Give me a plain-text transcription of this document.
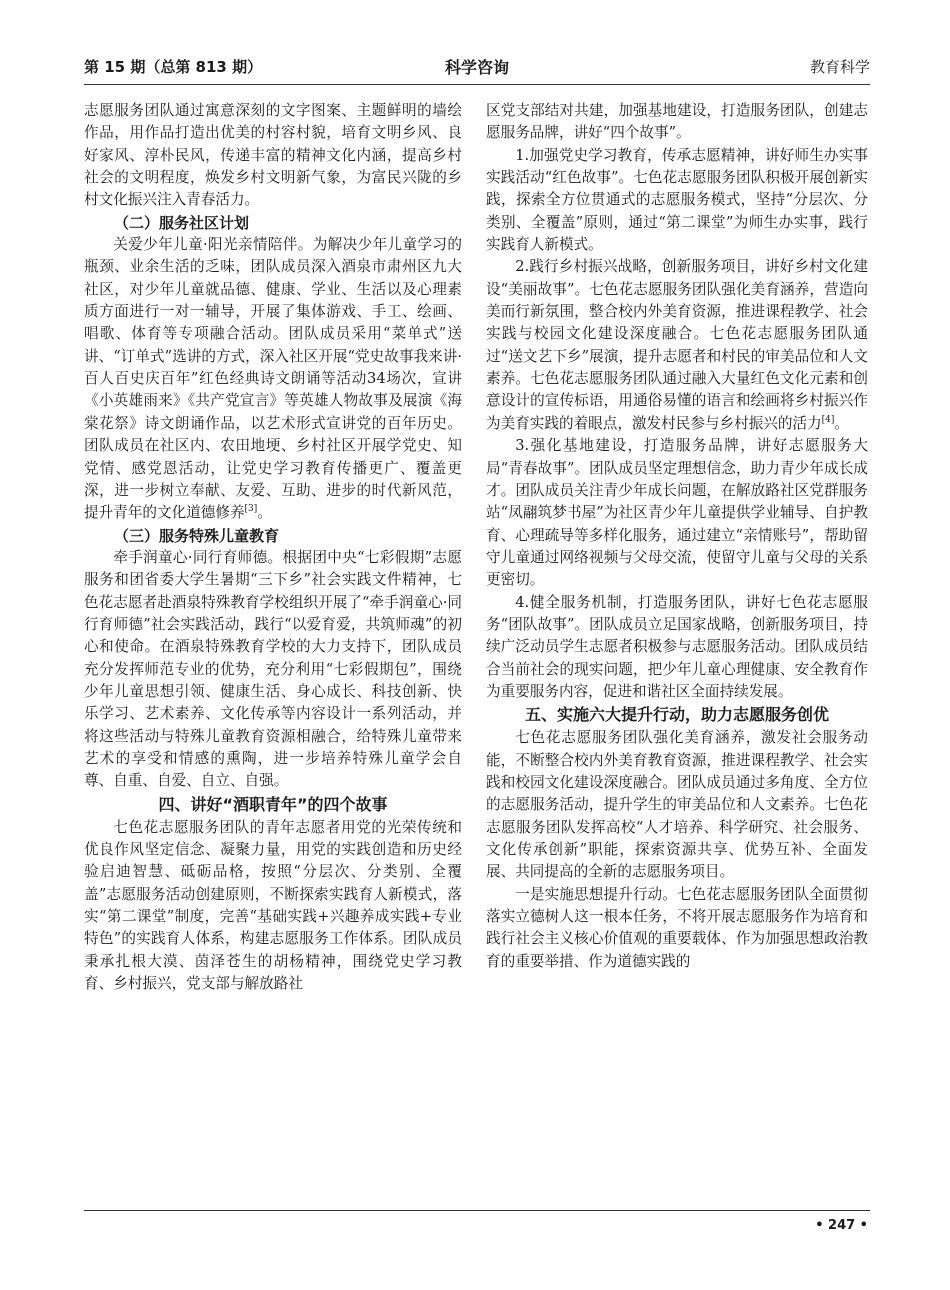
第 15 期（总第 813 期）	科学咨询	教育科学

志愿服务团队通过寓意深刻的文字图案、主题鲜明的墙绘作品，用作品打造出优美的村容村貌，培育文明乡风、良好家风、淳朴民风，传递丰富的精神文化内涵，提高乡村社会的文明程度，焕发乡村文明新气象，为富民兴陇的乡村文化振兴注入青春活力。

（二）服务社区计划

关爱少年儿童·阳光亲情陪伴。为解决少年儿童学习的瓶颈、业余生活的乏味，团队成员深入酒泉市肃州区九大社区，对少年儿童就品德、健康、学业、生活以及心理素质方面进行一对一辅导，开展了集体游戏、手工、绘画、唱歌、体育等专项融合活动。团队成员采用“菜单式”送讲、“订单式”选讲的方式，深入社区开展“党史故事我来讲·百人百史庆百年”红色经典诗文朗诵等活动34场次，宣讲《小英雄雨来》《共产党宣言》等英雄人物故事及展演《海棠花祭》诗文朗诵作品，以艺术形式宣讲党的百年历史。团队成员在社区内、农田地埂、乡村社区开展学党史、知党情、感党恩活动，让党史学习教育传播更广、覆盖更深，进一步树立奉献、友爱、互助、进步的时代新风范，提升青年的文化道德修养[3]。

（三）服务特殊儿童教育

牵手润童心·同行育师德。根据团中央“七彩假期”志愿服务和团省委大学生暑期“三下乡”社会实践文件精神，七色花志愿者赴酒泉特殊教育学校组织开展了“牵手润童心·同行育师德”社会实践活动，践行“以爱育爱，共筑师魂”的初心和使命。在酒泉特殊教育学校的大力支持下，团队成员充分发挥师范专业的优势，充分利用“七彩假期包”，围绕少年儿童思想引领、健康生活、身心成长、科技创新、快乐学习、艺术素养、文化传承等内容设计一系列活动，并将这些活动与特殊儿童教育资源相融合，给特殊儿童带来艺术的享受和情感的熏陶，进一步培养特殊儿童学会自尊、自重、自爱、自立、自强。

四、讲好“酒职青年”的四个故事

七色花志愿服务团队的青年志愿者用党的光荣传统和优良作风坚定信念、凝聚力量，用党的实践创造和历史经验启迪智慧、砥砺品格，按照“分层次、分类别、全覆盖”志愿服务活动创建原则，不断探索实践育人新模式，落实“第二课堂”制度，完善“基础实践+兴趣养成实践+专业特色”的实践育人体系，构建志愿服务工作体系。团队成员秉承扎根大漠、茵泽苍生的胡杨精神，围绕党史学习教育、乡村振兴，党支部与解放路社

区党支部结对共建，加强基地建设，打造服务团队，创建志愿服务品牌，讲好“四个故事”。

1.加强党史学习教育，传承志愿精神，讲好师生办实事实践活动“红色故事”。七色花志愿服务团队积极开展创新实践，探索全方位贯通式的志愿服务模式，坚持“分层次、分类别、全覆盖”原则，通过“第二课堂”为师生办实事，践行实践育人新模式。

2.践行乡村振兴战略，创新服务项目，讲好乡村文化建设“美丽故事”。七色花志愿服务团队强化美育涵养，营造向美而行新氛围，整合校内外美育资源，推进课程教学、社会实践与校园文化建设深度融合。七色花志愿服务团队通过“送文艺下乡”展演，提升志愿者和村民的审美品位和人文素养。七色花志愿服务团队通过融入大量红色文化元素和创意设计的宣传标语，用通俗易懂的语言和绘画将乡村振兴作为美育实践的着眼点，激发村民参与乡村振兴的活力[4]。

3.强化基地建设，打造服务品牌，讲好志愿服务大局“青春故事”。团队成员坚定理想信念，助力青少年成长成才。团队成员关注青少年成长问题，在解放路社区党群服务站“凤翮筑梦书屋”为社区青少年儿童提供学业辅导、自护教育、心理疏导等多样化服务，通过建立“亲情账号”，帮助留守儿童通过网络视频与父母交流，使留守儿童与父母的关系更密切。

4.健全服务机制，打造服务团队，讲好七色花志愿服务“团队故事”。团队成员立足国家战略，创新服务项目，持续广泛动员学生志愿者积极参与志愿服务活动。团队成员结合当前社会的现实问题，把少年儿童心理健康、安全教育作为重要服务内容，促进和谐社区全面持续发展。

五、实施六大提升行动，助力志愿服务创优

七色花志愿服务团队强化美育涵养，激发社会服务动能，不断整合校内外美育教育资源，推进课程教学、社会实践和校园文化建设深度融合。团队成员通过多角度、全方位的志愿服务活动，提升学生的审美品位和人文素养。七色花志愿服务团队发挥高校“人才培养、科学研究、社会服务、文化传承创新”职能，探索资源共享、优势互补、全面发展、共同提高的全新的志愿服务项目。

一是实施思想提升行动。七色花志愿服务团队全面贯彻落实立德树人这一根本任务，不将开展志愿服务作为培育和践行社会主义核心价值观的重要载体、作为加强思想政治教育的重要举措、作为道德实践的

• 247 •
